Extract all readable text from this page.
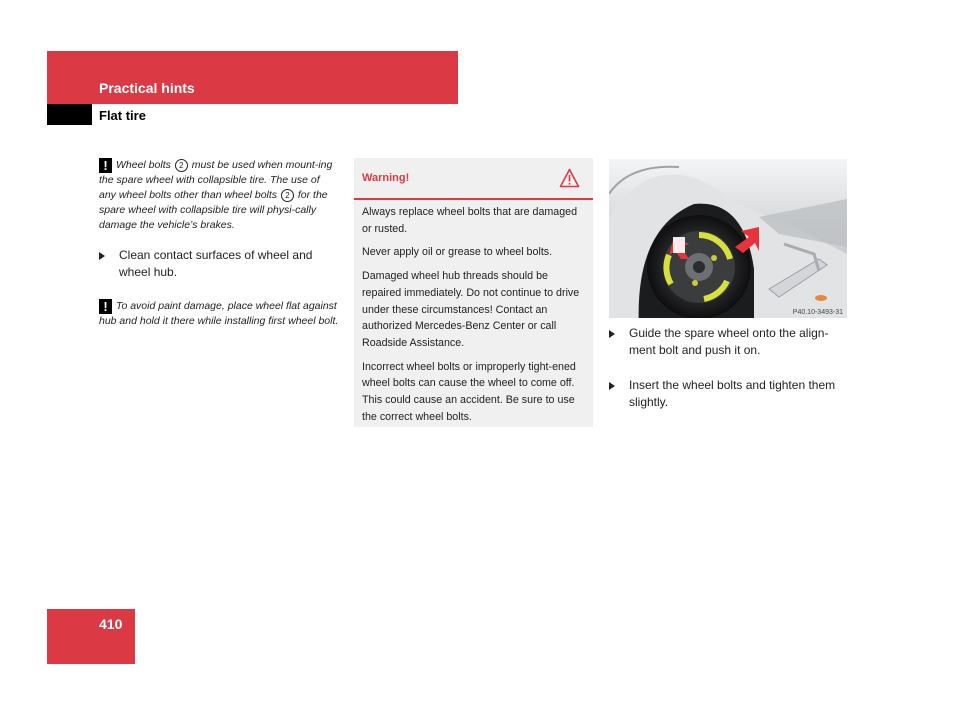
Practical hints
Flat tire

! Wheel bolts 2 must be used when mount-ing the spare wheel with collapsible tire. The use of any wheel bolts other than wheel bolts 2 for the spare wheel with collapsible tire will physi-cally damage the vehicle’s brakes.

Clean contact surfaces of wheel and wheel hub.

! To avoid paint damage, place wheel flat against hub and hold it there while installing first wheel bolt.

Warning!

Always replace wheel bolts that are damaged or rusted.

Never apply oil or grease to wheel bolts.

Damaged wheel hub threads should be repaired immediately. Do not continue to drive under these circumstances! Contact an authorized Mercedes-Benz Center or call Roadside Assistance.

Incorrect wheel bolts or improperly tight-ened wheel bolts can cause the wheel to come off. This could cause an accident. Be sure to use the correct wheel bolts.

P40.10-3493-31
Guide the spare wheel onto the align-ment bolt and push it on.
Insert the wheel bolts and tighten them slightly.
410
